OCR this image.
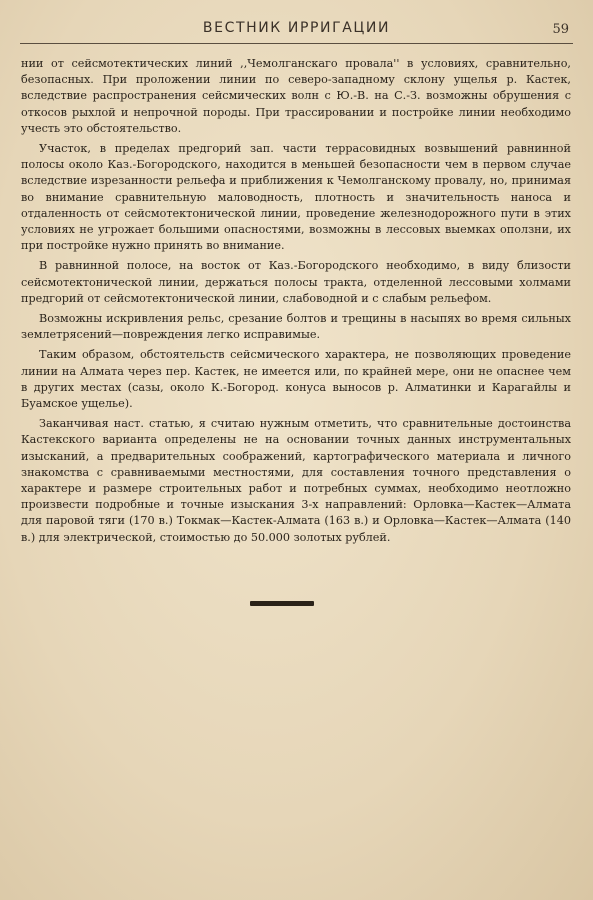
ВЕСТНИК ИРРИГАЦИИ	59

нии от сейсмотектических линий ,,Чемолганскаго провала'' в условиях, сравнительно, безопасных. При проложении линии по северо-западному склону ущелья р. Кастек, вследствие распространения сейсмических волн с Ю.-В. на С.-З. возможны обрушения с откосов рыхлой и непрочной породы. При трассировании и постройке линии необходимо учесть это обстоятельство.

Участок, в пределах предгорий зап. части террасовидных возвышений равнинной полосы около Каз.-Богородского, находится в меньшей безопасности чем в первом случае вследствие изрезанности рельефа и приближения к Чемолганскому провалу, но, принимая во внимание сравнительную маловодность, плотность и значительность наноса и отдаленность от сейсмотектонической линии, проведение железнодорожного пути в этих условиях не угрожает большими опасностями, возможны в лессовых выемках оползни, их при постройке нужно принять во внимание.

В равнинной полосе, на восток от Каз.-Богородского необходимо, в виду близости сейсмотектонической линии, держаться полосы тракта, отделенной лессовыми холмами предгорий от сейсмотектонической линии, слабоводной и с слабым рельефом.

Возможны искривления рельс, срезание болтов и трещины в насыпях во время сильных землетрясений—повреждения легко исправимые.

Таким образом, обстоятельств сейсмического характера, не позволяющих проведение линии на Алмата через пер. Кастек, не имеется или, по крайней мере, они не опаснее чем в других местах (сазы, около К.-Богород. конуса выносов р. Алматинки и Карагайлы и Буамское ущелье).

Заканчивая наст. статью, я считаю нужным отметить, что сравнительные достоинства Кастекского варианта определены не на основании точных данных инструментальных изысканий, а предварительных соображений, картографического материала и личного знакомства с сравниваемыми местностями, для составления точного представления о характере и размере строительных работ и потребных суммах, необходимо неотложно произвести подробные и точные изыскания 3-х направлений: Орловка—Кастек—Алмата для паровой тяги (170 в.) Токмак—Кастек-Алмата (163 в.) и Орловка—Кастек—Алмата (140 в.) для электрической, стоимостью до 50.000 золотых рублей.
